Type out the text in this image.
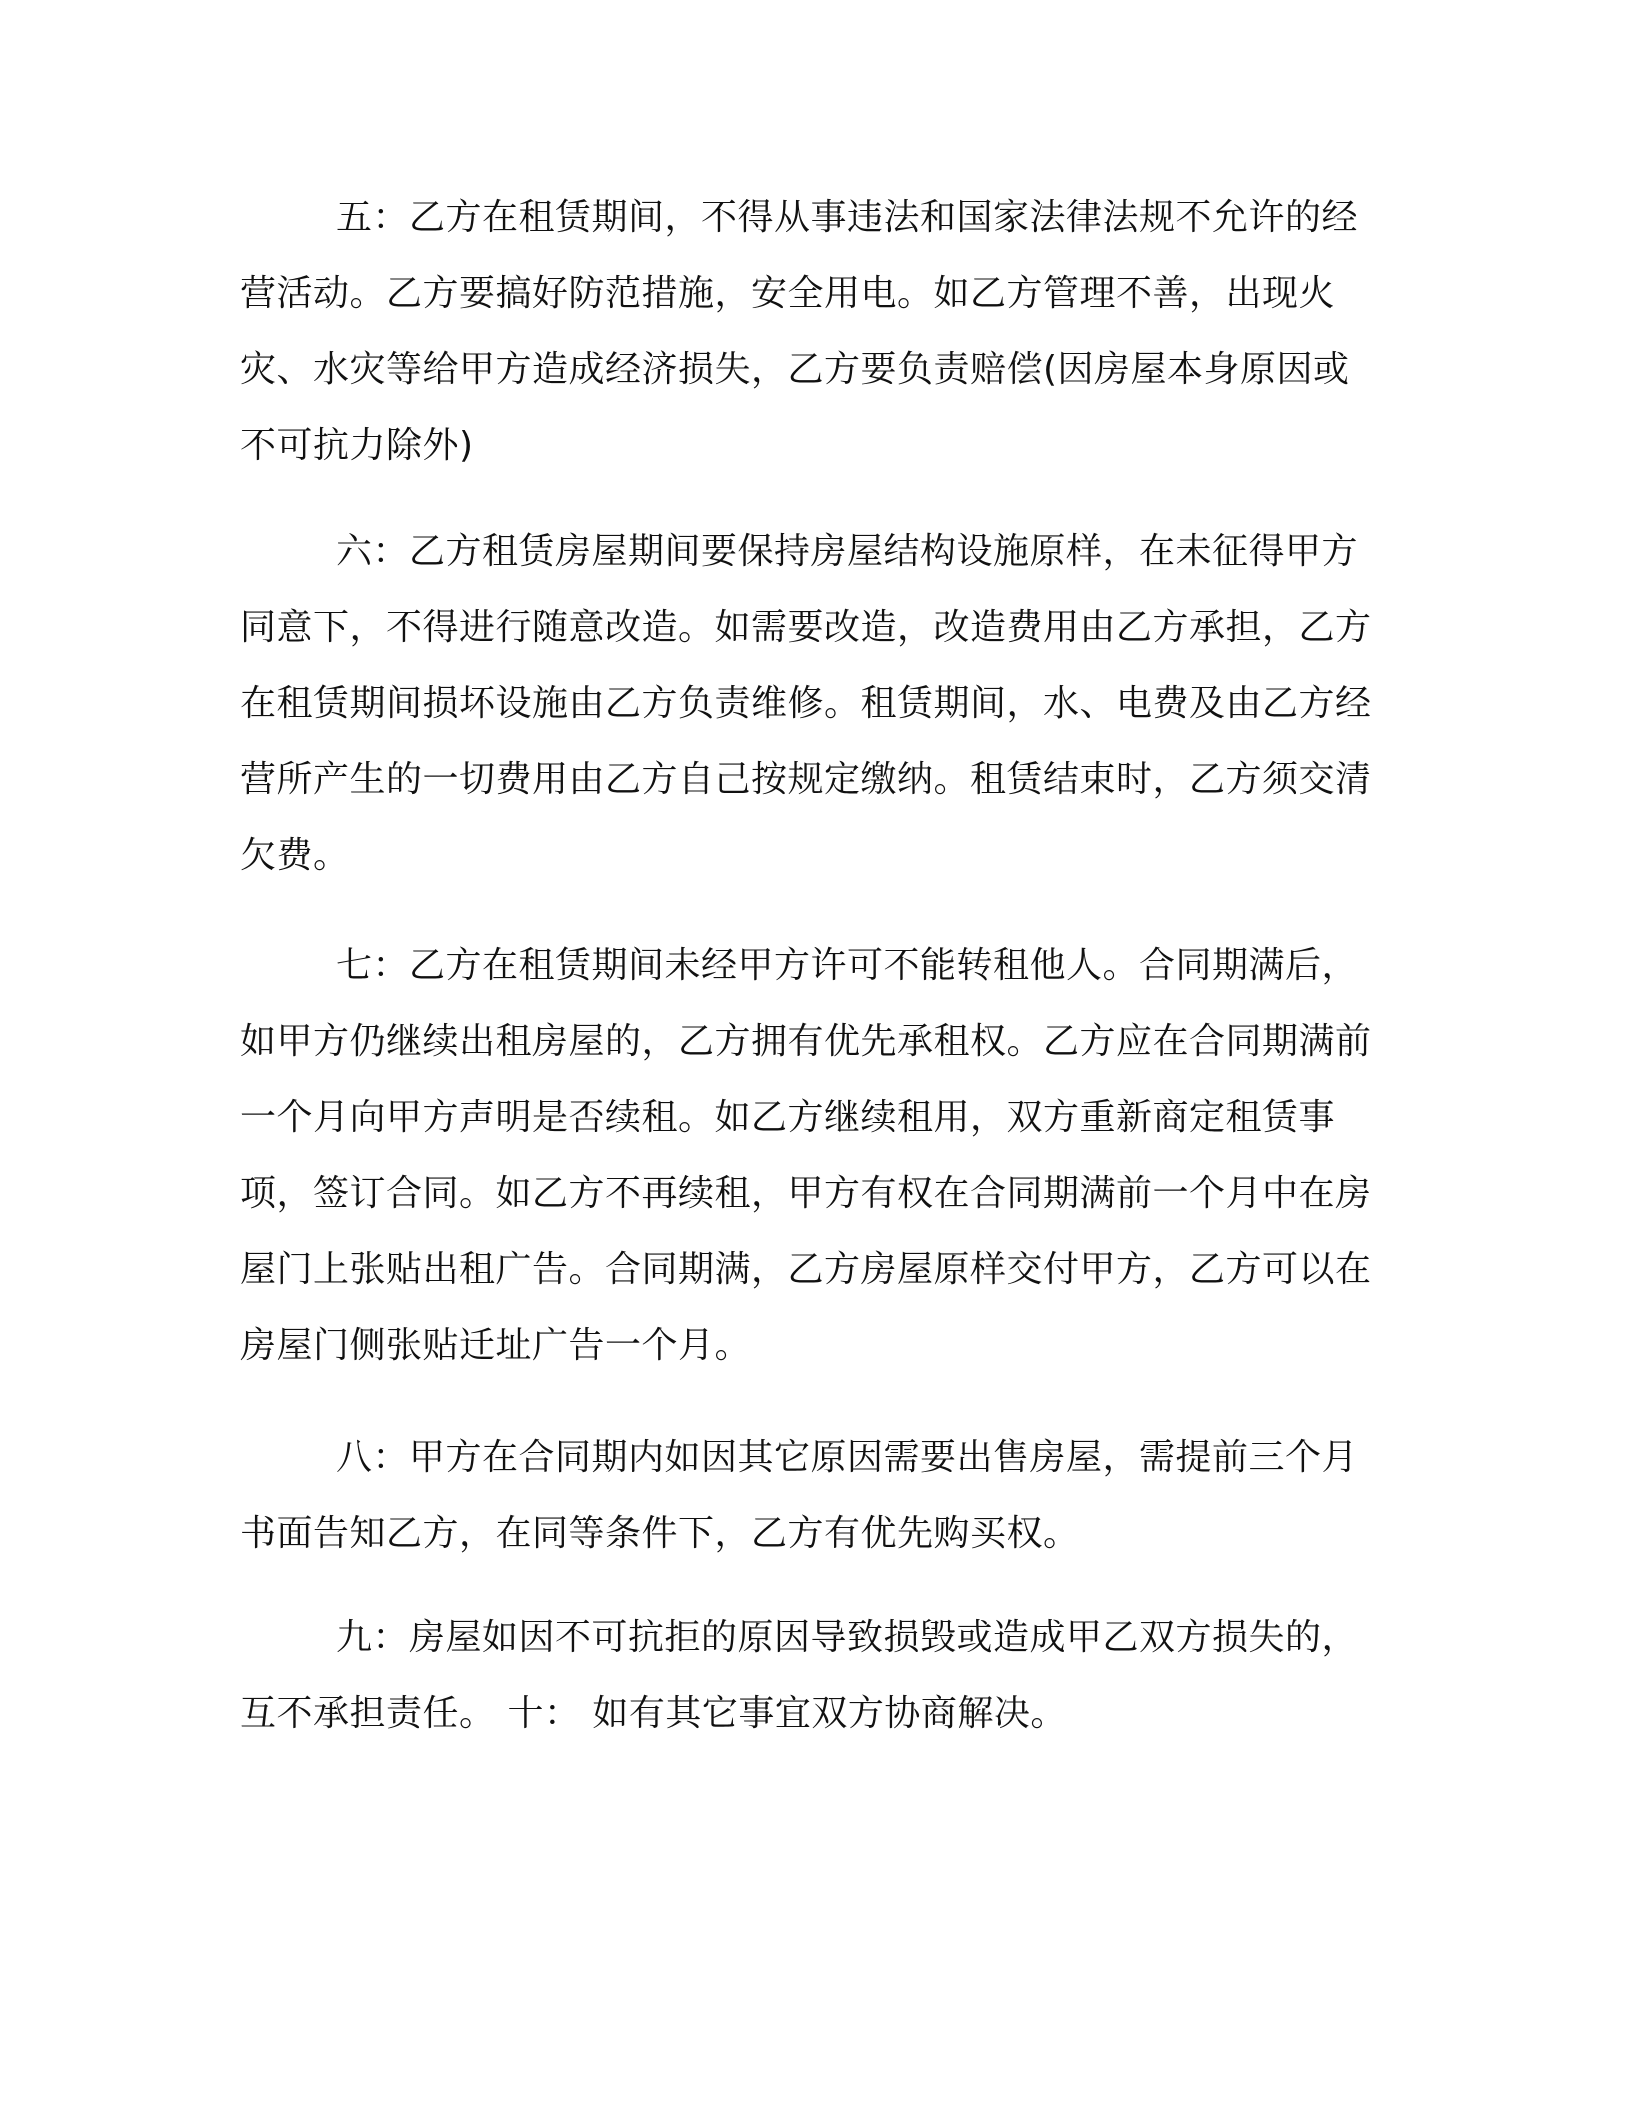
五：乙方在租赁期间，不得从事违法和国家法律法规不允许的经营活动。乙方要搞好防范措施，安全用电。如乙方管理不善，出现火灾、水灾等给甲方造成经济损失，乙方要负责赔偿(因房屋本身原因或不可抗力除外)

六：乙方租赁房屋期间要保持房屋结构设施原样，在未征得甲方同意下，不得进行随意改造。如需要改造，改造费用由乙方承担，乙方在租赁期间损坏设施由乙方负责维修。租赁期间，水、电费及由乙方经营所产生的一切费用由乙方自己按规定缴纳。租赁结束时，乙方须交清欠费。

七：乙方在租赁期间未经甲方许可不能转租他人。合同期满后，如甲方仍继续出租房屋的，乙方拥有优先承租权。乙方应在合同期满前一个月向甲方声明是否续租。如乙方继续租用，双方重新商定租赁事项，签订合同。如乙方不再续租，甲方有权在合同期满前一个月中在房屋门上张贴出租广告。合同期满，乙方房屋原样交付甲方，乙方可以在房屋门侧张贴迁址广告一个月。

八：甲方在合同期内如因其它原因需要出售房屋，需提前三个月书面告知乙方，在同等条件下，乙方有优先购买权。

九：房屋如因不可抗拒的原因导致损毁或造成甲乙双方损失的，互不承担责任。 十： 如有其它事宜双方协商解决。
